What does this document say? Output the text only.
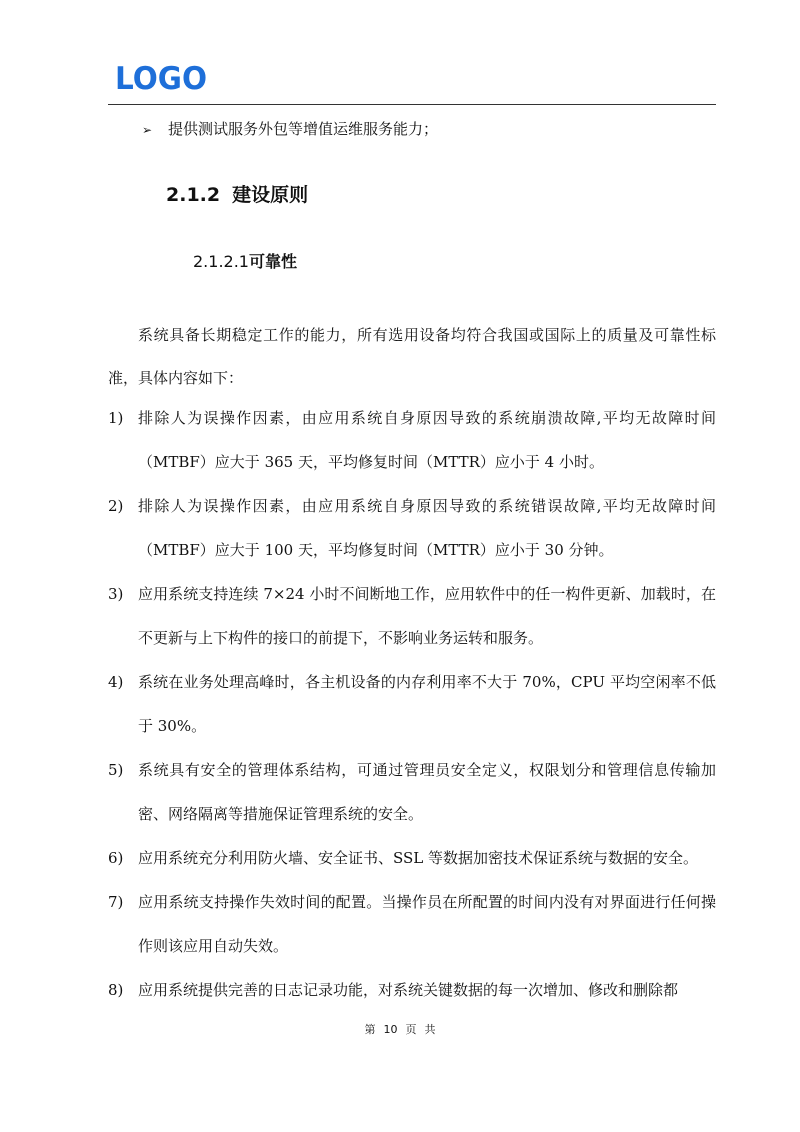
LOGO
➢ 提供测试服务外包等增值运维服务能力；
2.1.2 建设原则
2.1.2.1可靠性
系统具备长期稳定工作的能力，所有选用设备均符合我国或国际上的质量及可靠性标准，具体内容如下：
1) 排除人为误操作因素，由应用系统自身原因导致的系统崩溃故障,平均无故障时间（MTBF）应大于 365 天，平均修复时间（MTTR）应小于 4 小时。
2) 排除人为误操作因素，由应用系统自身原因导致的系统错误故障,平均无故障时间（MTBF）应大于 100 天，平均修复时间（MTTR）应小于 30 分钟。
3) 应用系统支持连续 7×24 小时不间断地工作，应用软件中的任一构件更新、加载时，在不更新与上下构件的接口的前提下，不影响业务运转和服务。
4) 系统在业务处理高峰时，各主机设备的内存利用率不大于 70%，CPU 平均空闲率不低于 30%。
5) 系统具有安全的管理体系结构，可通过管理员安全定义，权限划分和管理信息传输加密、网络隔离等措施保证管理系统的安全。
6) 应用系统充分利用防火墙、安全证书、SSL 等数据加密技术保证系统与数据的安全。
7) 应用系统支持操作失效时间的配置。当操作员在所配置的时间内没有对界面进行任何操作则该应用自动失效。
8) 应用系统提供完善的日志记录功能，对系统关键数据的每一次增加、修改和删除都
第 10 页 共
